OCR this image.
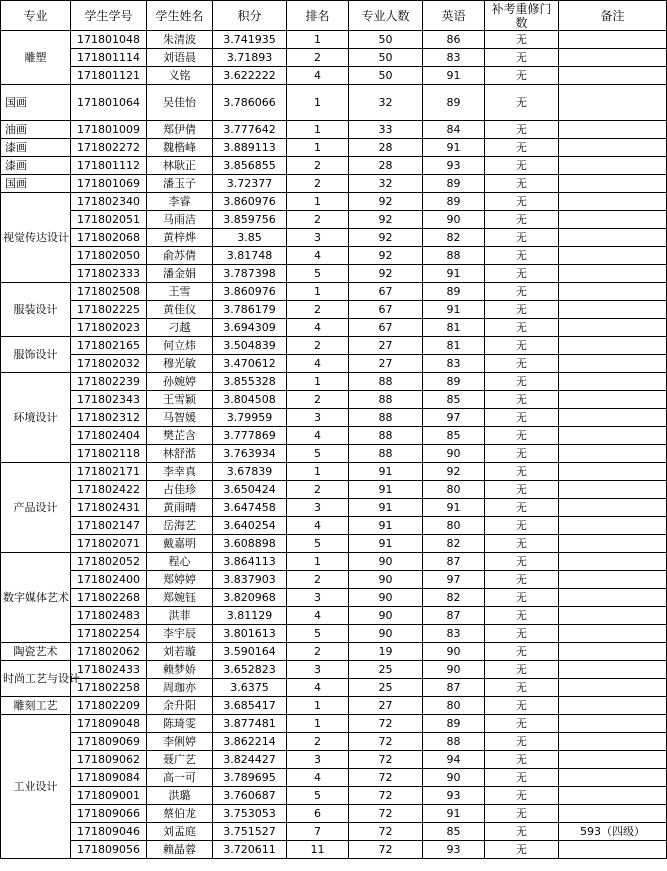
专业	学生学号	学生姓名	积分	排名	专业人数	英语	补考重修门数	备注
雕塑	171801048	朱清波	3.741935	1	50	86	无	
	171801114	刘语晨	3.71893	2	50	83	无	
	171801121	义铭	3.622222	4	50	91	无	
国画	171801064	吴佳怡	3.786066	1	32	89	无	
油画	171801009	郑伊倩	3.777642	1	33	84	无	
漆画	171802272	魏楷峰	3.889113	1	28	91	无	
漆画	171801112	林耿正	3.856855	2	28	93	无	
国画	171801069	潘玉子	3.72377	2	32	89	无	
视觉传达设计	171802340	李睿	3.860976	1	92	89	无	
	171802051	马雨洁	3.859756	2	92	90	无	
	171802068	黄梓烨	3.85	3	92	82	无	
	171802050	俞苏倩	3.81748	4	92	88	无	
	171802333	潘金娟	3.787398	5	92	91	无	
服装设计	171802508	王雪	3.860976	1	67	89	无	
	171802225	黄佳仪	3.786179	2	67	91	无	
	171802023	刁越	3.694309	4	67	81	无	
服饰设计	171802165	何立炜	3.504839	2	27	81	无	
	171802032	穆光敏	3.470612	4	27	83	无	
环境设计	171802239	孙婉婷	3.855328	1	88	89	无	
	171802343	王雪颖	3.804508	2	88	85	无	
	171802312	马智媛	3.79959	3	88	97	无	
	171802404	樊芷含	3.777869	4	88	85	无	
	171802118	林舒湉	3.763934	5	88	90	无	
产品设计	171802171	李幸真	3.67839	1	91	92	无	
	171802422	占佳珍	3.650424	2	91	80	无	
	171802431	黄雨晴	3.647458	3	91	91	无	
	171802147	岳海艺	3.640254	4	91	80	无	
	171802071	戴嘉明	3.608898	5	91	82	无	
数字媒体艺术	171802052	程心	3.864113	1	90	87	无	
	171802400	郑婷婷	3.837903	2	90	97	无	
	171802268	郑婉钰	3.820968	3	90	82	无	
	171802483	洪菲	3.81129	4	90	87	无	
	171802254	李宇辰	3.801613	5	90	83	无	
陶瓷艺术	171802062	刘若璇	3.590164	2	19	90	无	
时尚工艺与设计	171802433	赖梦娇	3.652823	3	25	90	无	
	171802258	周珈亦	3.6375	4	25	87	无	
雕刻工艺	171802209	余升阳	3.685417	1	27	80	无	
工业设计	171809048	陈琦雯	3.877481	1	72	89	无	
	171809069	李俐婷	3.862214	2	72	88	无	
	171809062	聂广艺	3.824427	3	72	94	无	
	171809084	高一可	3.789695	4	72	90	无	
	171809001	洪璐	3.760687	5	72	93	无	
	171809066	蔡伯龙	3.753053	6	72	91	无	
	171809046	刘孟庭	3.751527	7	72	85	无	593（四级）
	171809056	赖晶蓉	3.720611	11	72	93	无	
